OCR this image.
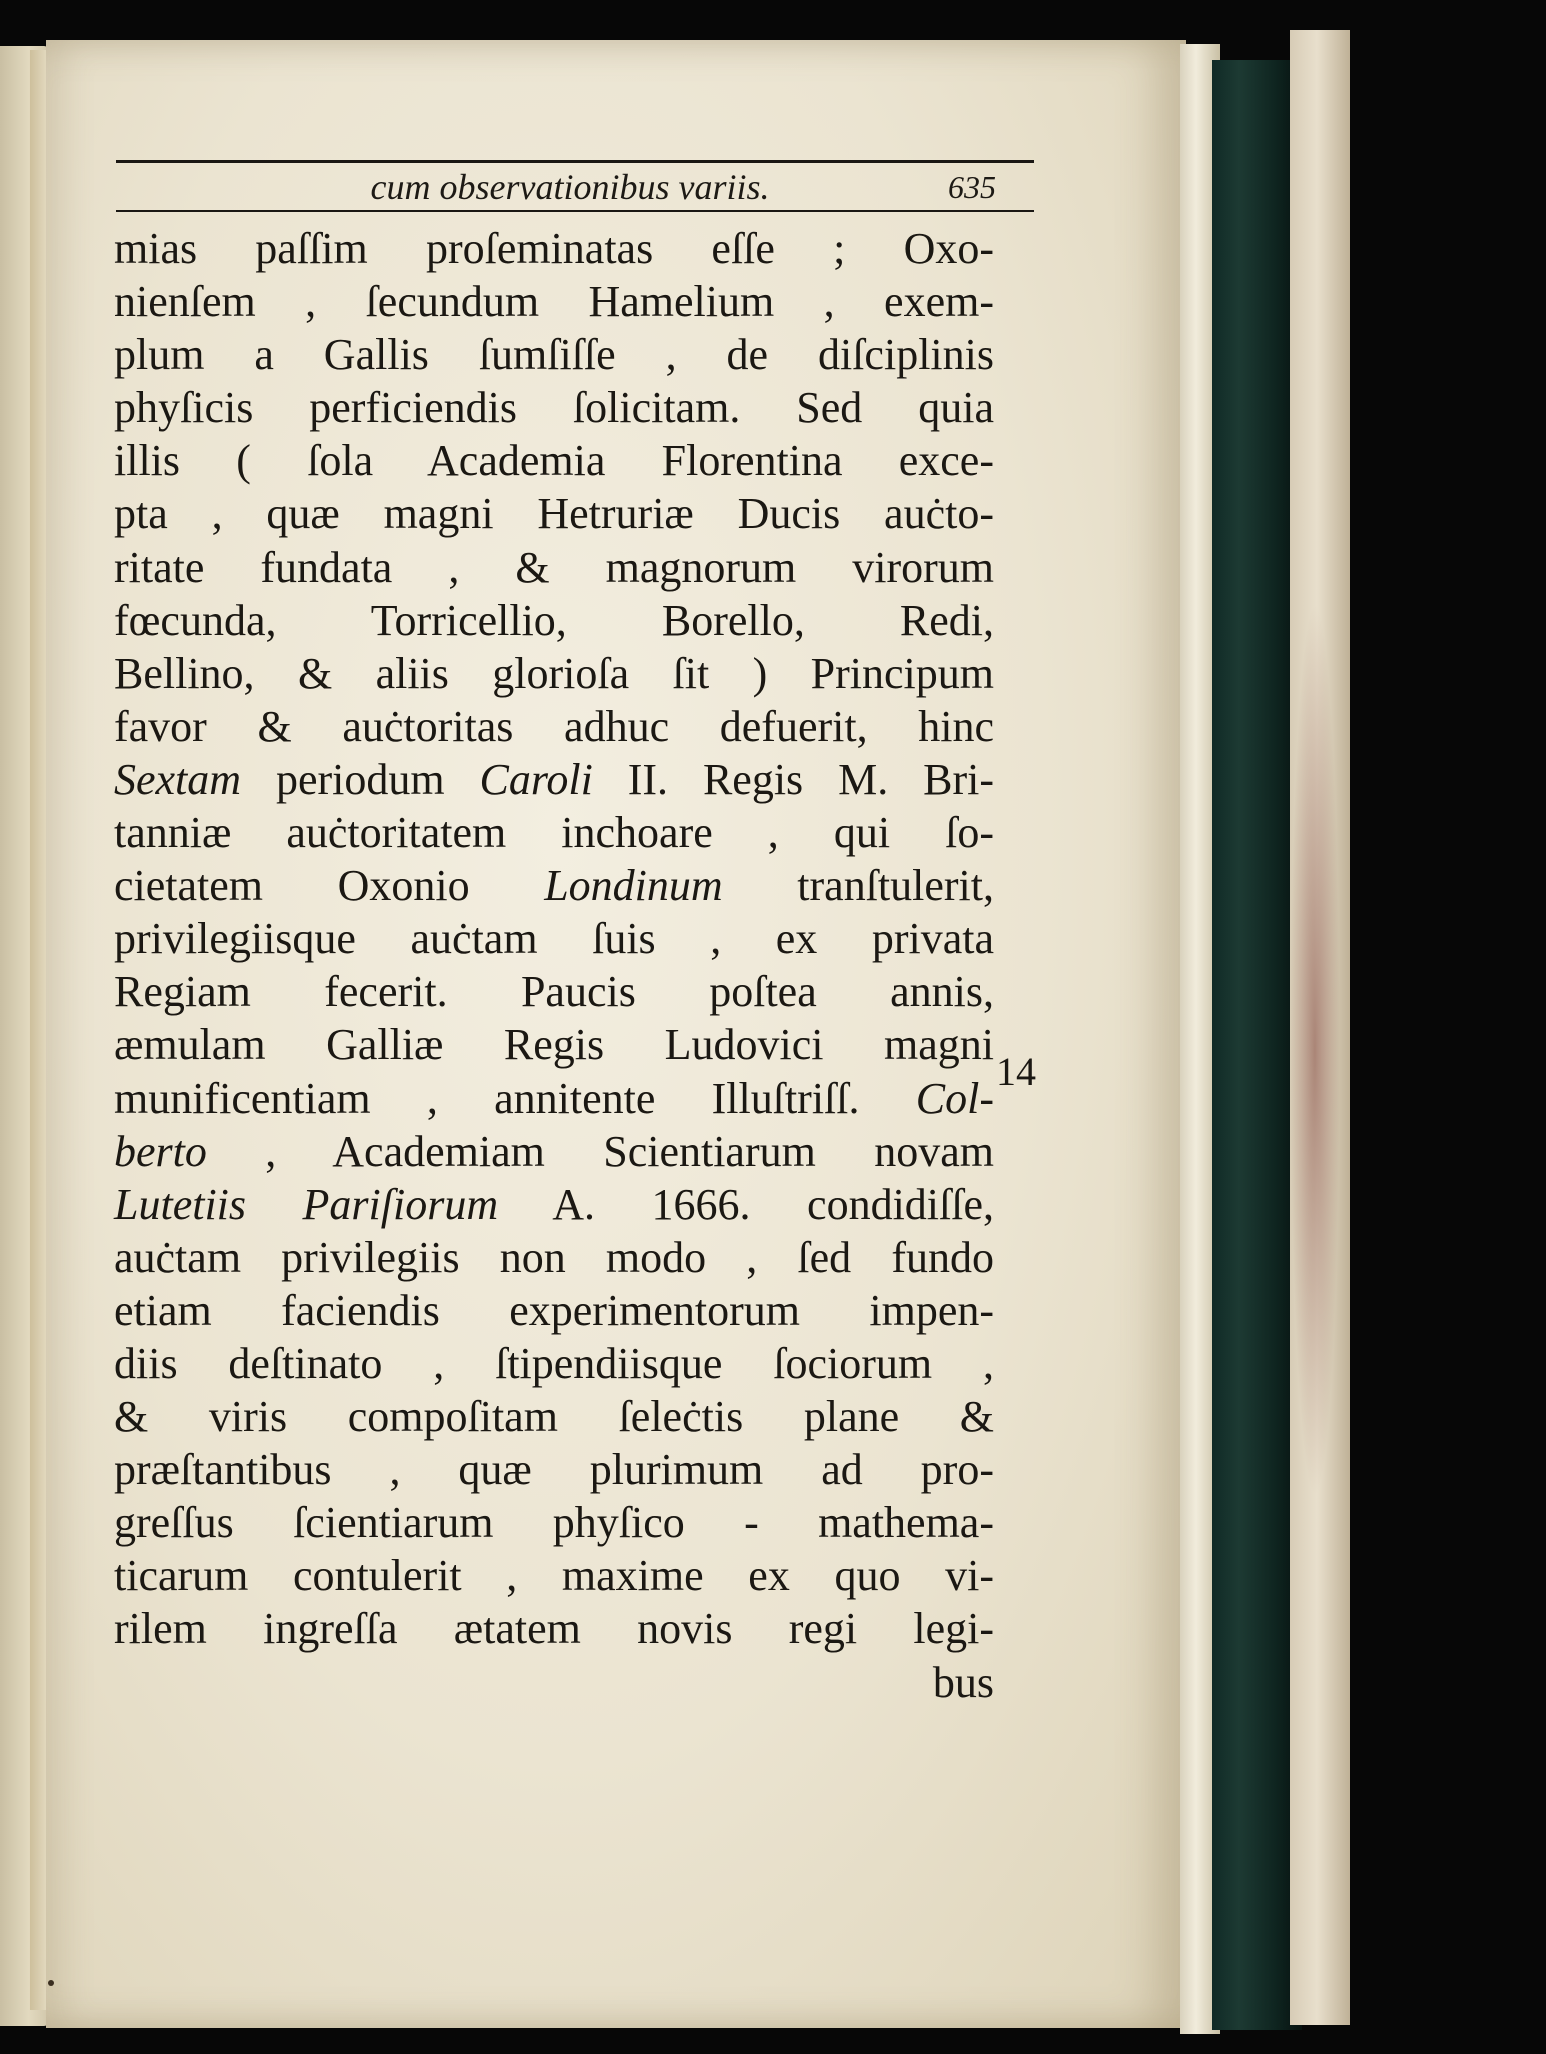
cum observationibus variis.	635
mias paſſim proſeminatas eſſe ; Oxo-
nienſem , ſecundum Hamelium , exem-
plum a Gallis ſumſiſſe , de diſciplinis
phyſicis perficiendis ſolicitam. Sed quia
illis ( ſola Academia Florentina exce-
pta , quæ magni Hetruriæ Ducis auċto-
ritate fundata , & magnorum virorum
fœcunda, Torricellio, Borello, Redi,
Bellino, & aliis glorioſa ſit ) Principum
favor & auċtoritas adhuc defuerit, hinc
Sextam periodum Caroli II. Regis M. Bri-
tanniæ auċtoritatem inchoare , qui ſo-
cietatem Oxonio Londinum tranſtulerit,
privilegiisque auċtam ſuis , ex privata
Regiam fecerit. Paucis poſtea annis,
æmulam Galliæ Regis Ludovici magni
munificentiam , annitente Illuſtriſſ. Col-
berto , Academiam Scientiarum novam
Lutetiis Pariſiorum A. 1666. condidiſſe,
auċtam privilegiis non modo , ſed fundo
etiam faciendis experimentorum impen-
diis deſtinato , ſtipendiisque ſociorum ,
& viris compoſitam ſeleċtis plane &
præſtantibus , quæ plurimum ad pro-
greſſus ſcientiarum phyſico - mathema-
ticarum contulerit , maxime ex quo vi-
rilem ingreſſa ætatem novis regi legi-
bus
14
